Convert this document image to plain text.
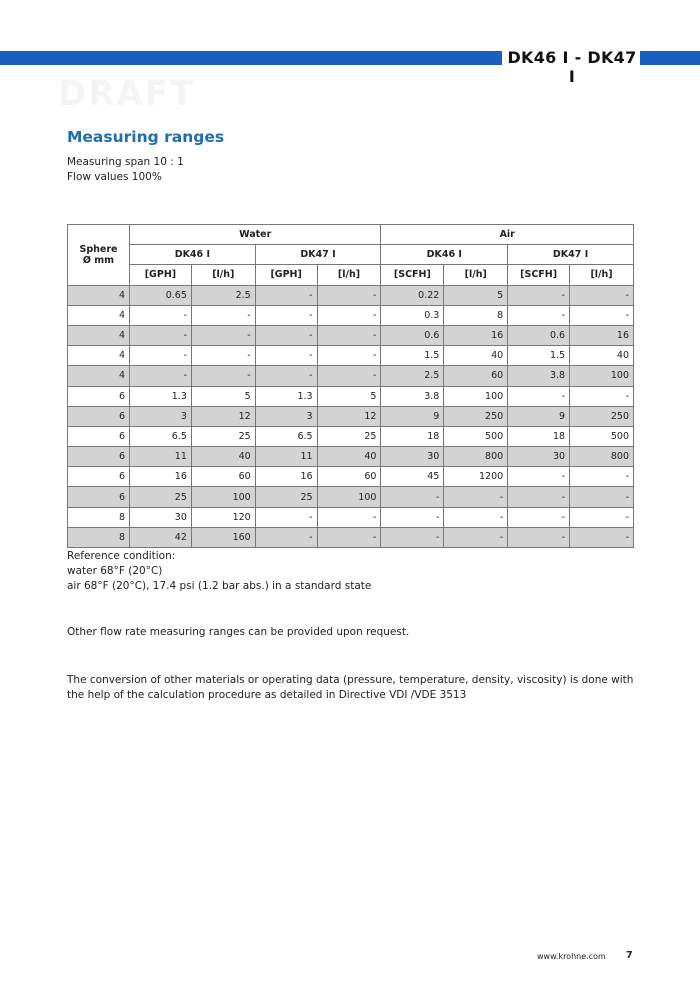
DK46 I - DK47 I
DRAFT
Measuring ranges
Measuring span 10 : 1
Flow values 100%
Sphere Ø mm	Water				Air			
	DK46 I		DK47 I		DK46 I		DK47 I	
	[GPH]	[l/h]	[GPH]	[l/h]	[SCFH]	[l/h]	[SCFH]	[l/h]
4	0.65	2.5	-	-	0.22	5	-	-
4	-	-	-	-	0.3	8	-	-
4	-	-	-	-	0.6	16	0.6	16
4	-	-	-	-	1.5	40	1.5	40
4	-	-	-	-	2.5	60	3.8	100
6	1.3	5	1.3	5	3.8	100	-	-
6	3	12	3	12	9	250	9	250
6	6.5	25	6.5	25	18	500	18	500
6	11	40	11	40	30	800	30	800
6	16	60	16	60	45	1200	-	-
6	25	100	25	100	-	-	-	-
8	30	120	-	-	-	-	-	-
8	42	160	-	-	-	-	-	-
Reference condition:
water 68°F (20°C)
air 68°F (20°C), 17.4 psi (1.2 bar abs.) in a standard state
Other flow rate measuring ranges can be provided upon request.
The conversion of other materials or operating data (pressure, temperature, density, viscosity) is done with the help of the calculation procedure as detailed in Directive VDI /VDE 3513
www.krohne.com 7
